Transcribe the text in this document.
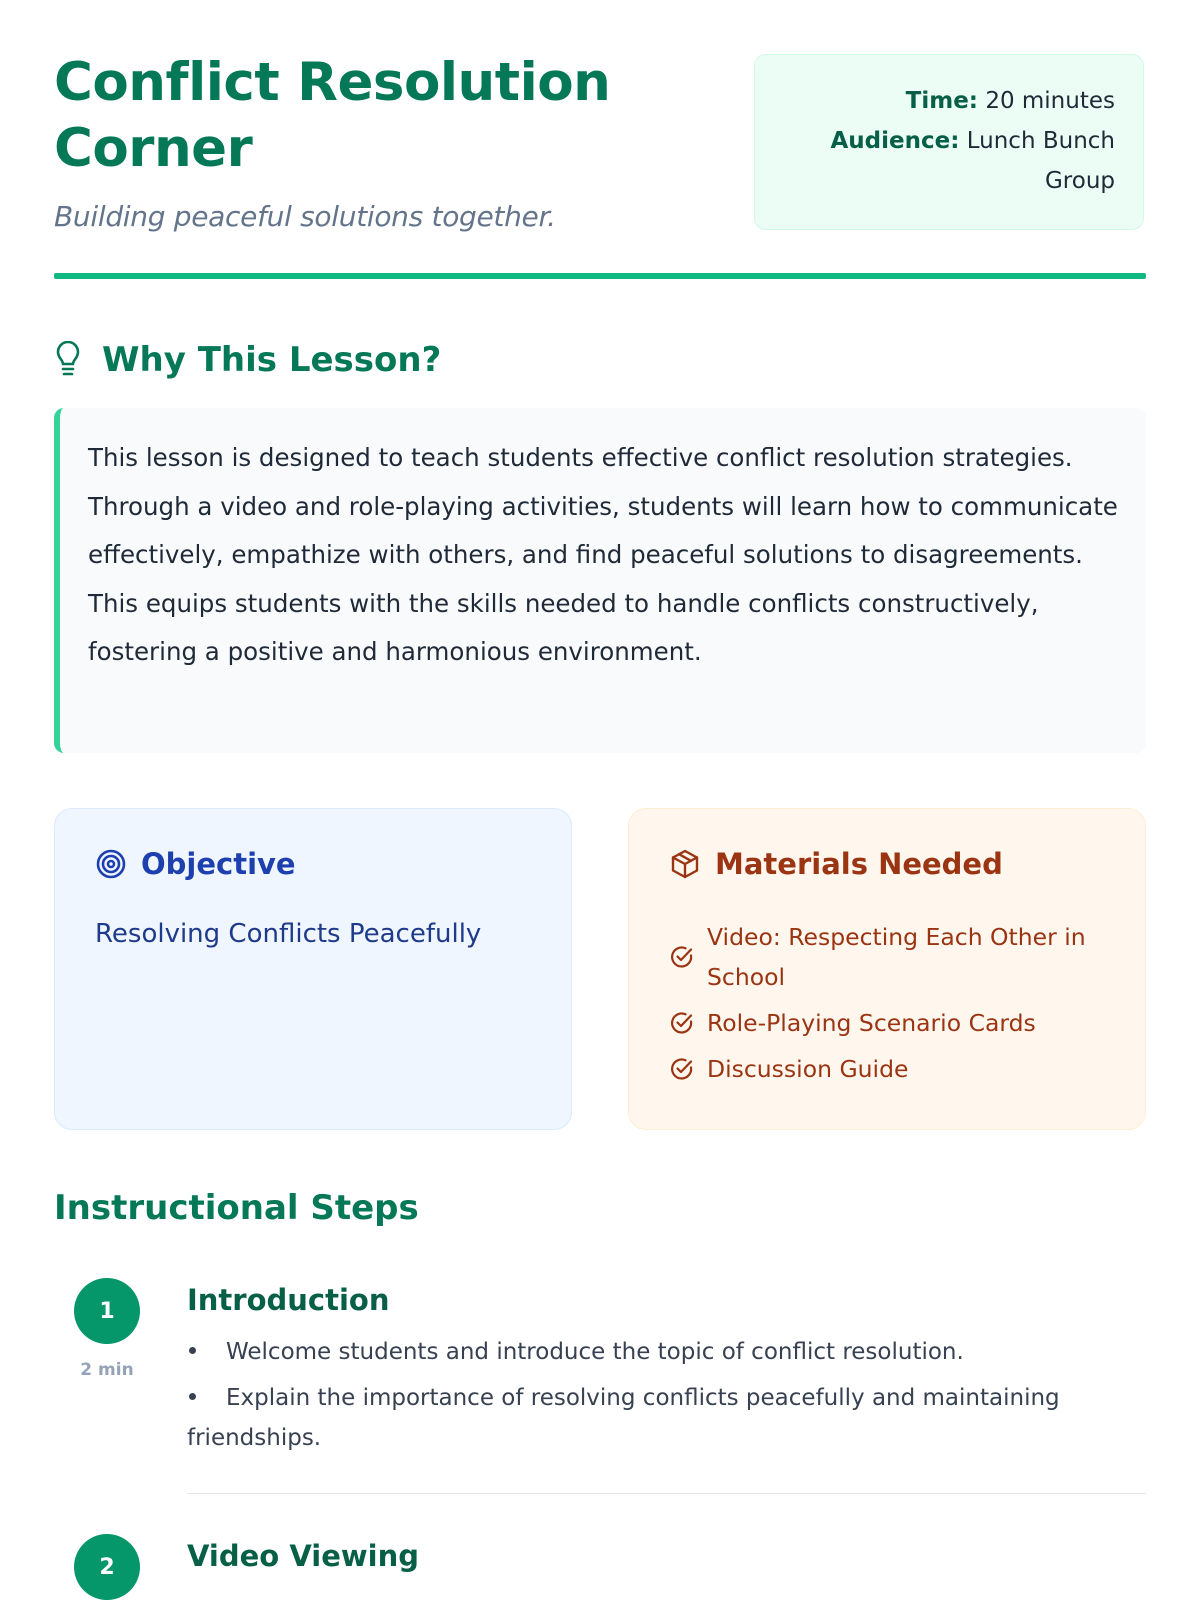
Conflict Resolution Corner
Building peaceful solutions together.
Time: 20 minutes
Audience: Lunch Bunch Group
Why This Lesson?
This lesson is designed to teach students effective conflict resolution strategies. Through a video and role-playing activities, students will learn how to communicate effectively, empathize with others, and find peaceful solutions to disagreements. This equips students with the skills needed to handle conflicts constructively, fostering a positive and harmonious environment.
Objective
Resolving Conflicts Peacefully
Materials Needed
Video: Respecting Each Other in School
Role-Playing Scenario Cards
Discussion Guide
Instructional Steps
1
2 min
Introduction
Welcome students and introduce the topic of conflict resolution.
Explain the importance of resolving conflicts peacefully and maintaining friendships.
2	Video Viewing
